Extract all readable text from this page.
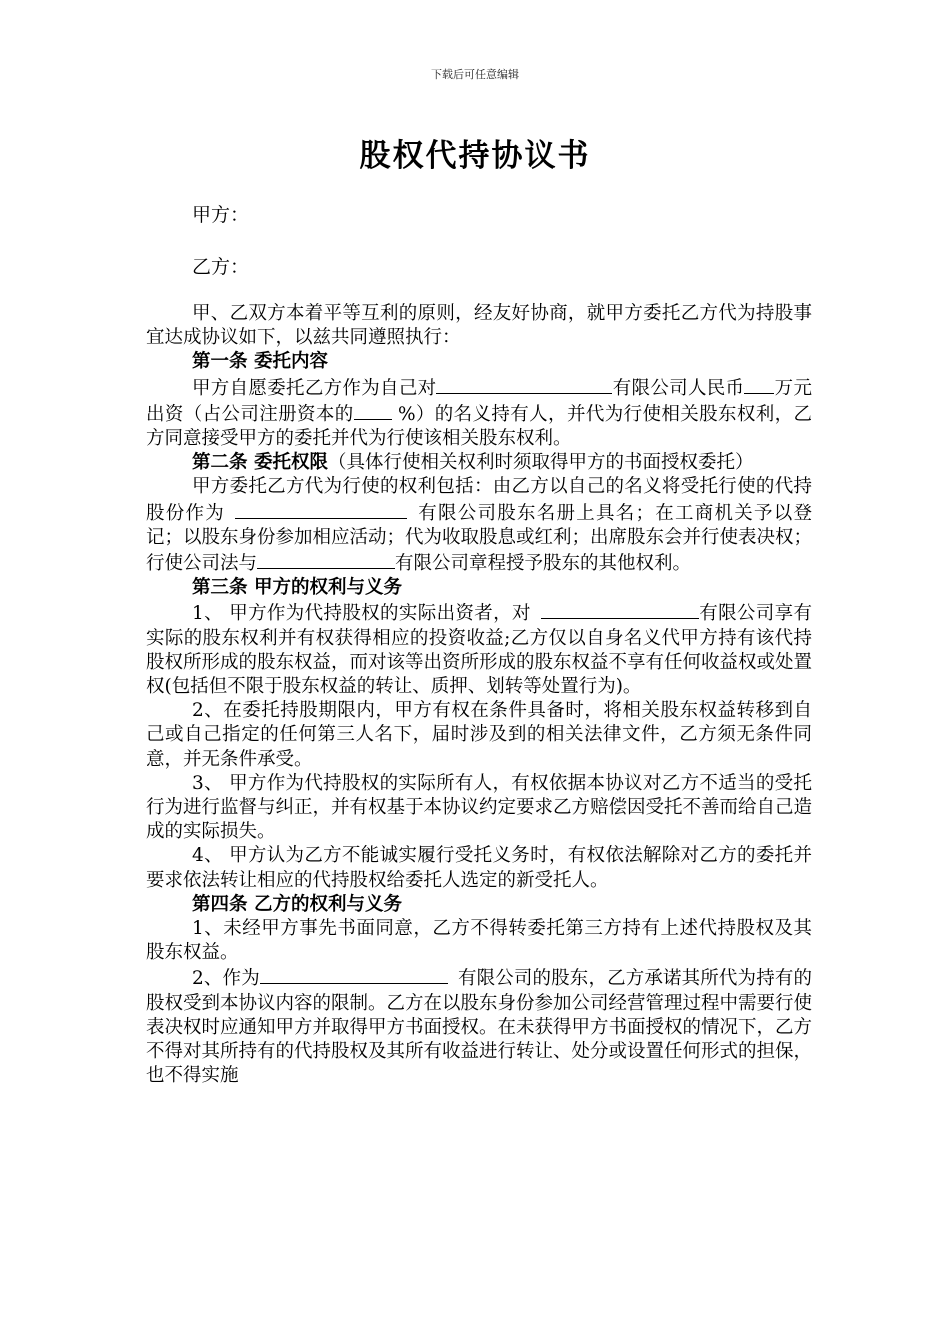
下载后可任意编辑
股权代持协议书
甲方：
乙方：

甲、乙双方本着平等互利的原则，经友好协商，就甲方委托乙方代为持股事宜达成协议如下，以兹共同遵照执行：

第一条 委托内容

甲方自愿委托乙方作为自己对	有限公司人民币 万元出资（占公司注册资本的 %）的名义持有人，并代为行使相关股东权利，乙方同意接受甲方的委托并代为行使该相关股东权利。

第二条 委托权限（具体行使相关权利时须取得甲方的书面授权委托）

甲方委托乙方代为行使的权利包括：由乙方以自己的名义将受托行使的代持股份作为	有限公司股东名册上具名；在工商机关予以登记；以股东身份参加相应活动；代为收取股息或红利；出席股东会并行使表决权；行使公司法与	有限公司章程授予股东的其他权利。

第三条 甲方的权利与义务

1、 甲方作为代持股权的实际出资者，对	有限公司享有实际的股东权利并有权获得相应的投资收益;乙方仅以自身名义代甲方持有该代持股权所形成的股东权益，而对该等出资所形成的股东权益不享有任何收益权或处置权(包括但不限于股东权益的转让、质押、划转等处置行为)。

2、在委托持股期限内，甲方有权在条件具备时，将相关股东权益转移到自己或自己指定的任何第三人名下，届时涉及到的相关法律文件，乙方须无条件同意，并无条件承受。

3、 甲方作为代持股权的实际所有人，有权依据本协议对乙方不适当的受托行为进行监督与纠正，并有权基于本协议约定要求乙方赔偿因受托不善而给自己造成的实际损失。

4、 甲方认为乙方不能诚实履行受托义务时，有权依法解除对乙方的委托并要求依法转让相应的代持股权给委托人选定的新受托人。

第四条 乙方的权利与义务

1、未经甲方事先书面同意，乙方不得转委托第三方持有上述代持股权及其股东权益。

2、作为	有限公司的股东，乙方承诺其所代为持有的股权受到本协议内容的限制。乙方在以股东身份参加公司经营管理过程中需要行使表决权时应通知甲方并取得甲方书面授权。在未获得甲方书面授权的情况下，乙方不得对其所持有的代持股权及其所有收益进行转让、处分或设置任何形式的担保，也不得实施
